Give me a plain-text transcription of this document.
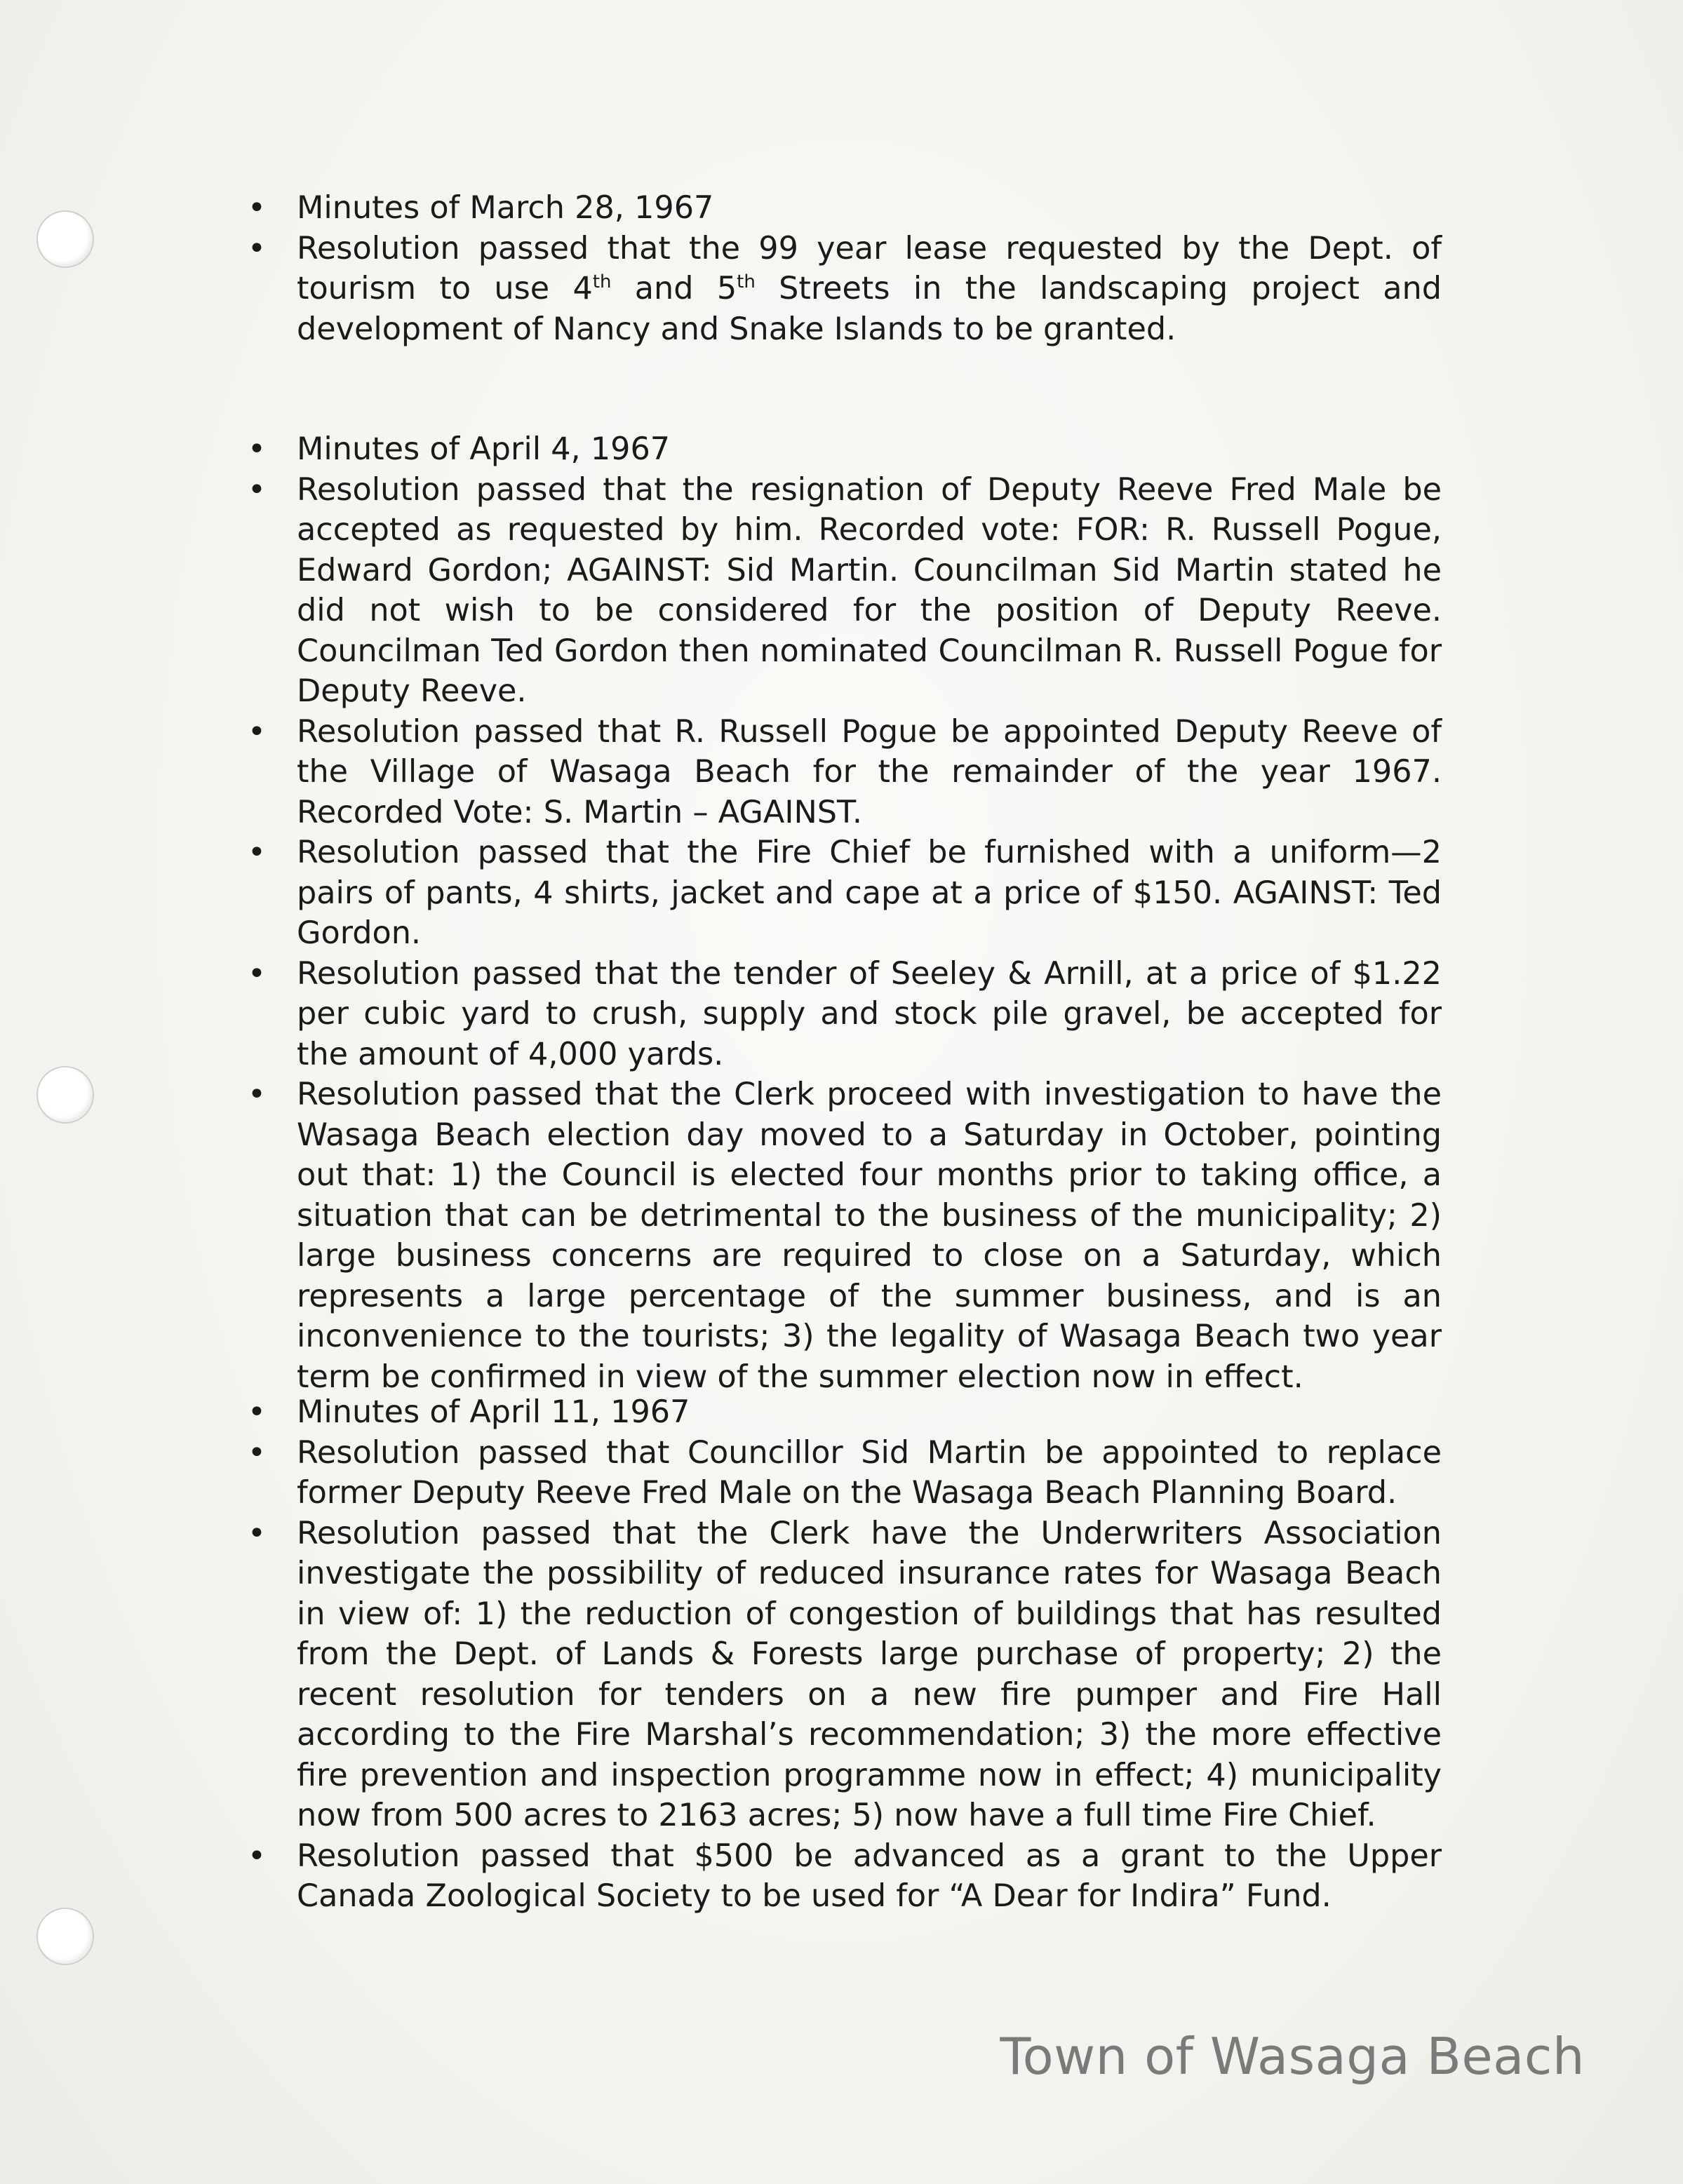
•
Minutes of March 28, 1967
•
Resolution passed that the 99 year lease requested by the Dept. of tourism to use 4th and 5th Streets in the landscaping project and development of Nancy and Snake Islands to be granted.
•
Minutes of April 4, 1967
•
Resolution passed that the resignation of Deputy Reeve Fred Male be accepted as requested by him. Recorded vote: FOR: R. Russell Pogue, Edward Gordon; AGAINST: Sid Martin. Councilman Sid Martin stated he did not wish to be considered for the position of Deputy Reeve. Councilman Ted Gordon then nominated Councilman R. Russell Pogue for Deputy Reeve.
•
Resolution passed that R. Russell Pogue be appointed Deputy Reeve of the Village of Wasaga Beach for the remainder of the year 1967. Recorded Vote: S. Martin – AGAINST.
•
Resolution passed that the Fire Chief be furnished with a uniform—2 pairs of pants, 4 shirts, jacket and cape at a price of $150. AGAINST: Ted Gordon.
•
Resolution passed that the tender of Seeley & Arnill, at a price of $1.22 per cubic yard to crush, supply and stock pile gravel, be accepted for the amount of 4,000 yards.
•
Resolution passed that the Clerk proceed with investigation to have the Wasaga Beach election day moved to a Saturday in October, pointing out that: 1) the Council is elected four months prior to taking office, a situation that can be detrimental to the business of the municipality; 2) large business concerns are required to close on a Saturday, which represents a large percentage of the summer business, and is an inconvenience to the tourists; 3) the legality of Wasaga Beach two year term be confirmed in view of the summer election now in effect.
•
Minutes of April 11, 1967
•
Resolution passed that Councillor Sid Martin be appointed to replace former Deputy Reeve Fred Male on the Wasaga Beach Planning Board.
•
Resolution passed that the Clerk have the Underwriters Association investigate the possibility of reduced insurance rates for Wasaga Beach in view of: 1) the reduction of congestion of buildings that has resulted from the Dept. of Lands & Forests large purchase of property; 2) the recent resolution for tenders on a new fire pumper and Fire Hall according to the Fire Marshal’s recommendation; 3) the more effective fire prevention and inspection programme now in effect; 4) municipality now from 500 acres to 2163 acres; 5) now have a full time Fire Chief.
•
Resolution passed that $500 be advanced as a grant to the Upper Canada Zoological Society to be used for “A Dear for Indira” Fund.
Town of Wasaga Beach
